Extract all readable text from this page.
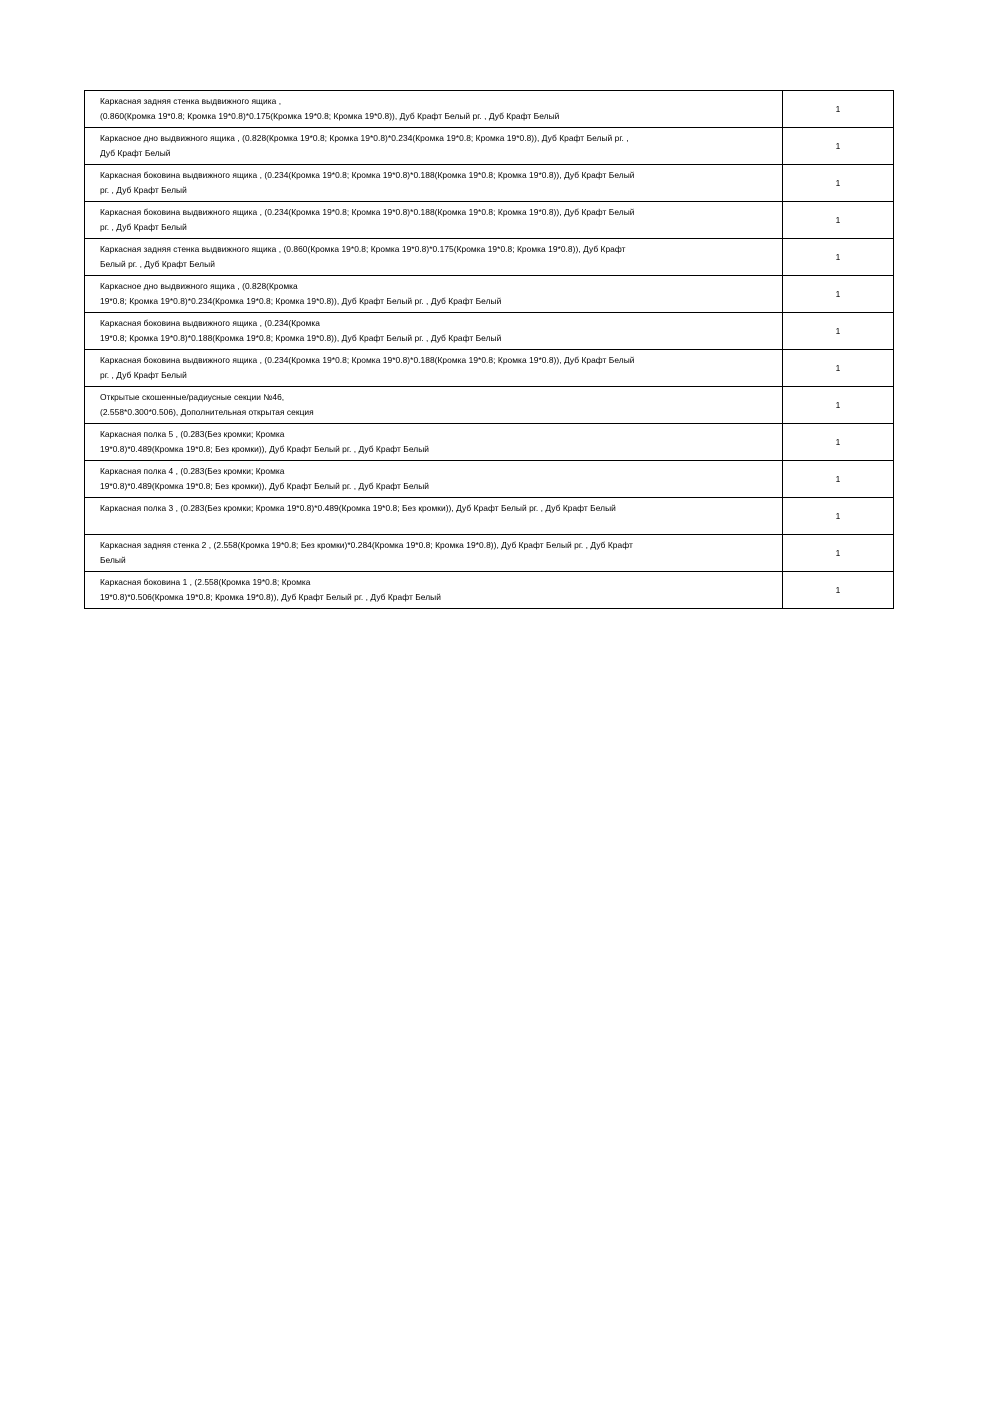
Каркасная задняя стенка выдвижного ящика ,
(0.860(Кромка 19*0.8; Кромка 19*0.8)*0.175(Кромка 19*0.8; Кромка 19*0.8)), Дуб Крафт Белый рг. , Дуб Крафт Белый	1
Каркасное дно выдвижного ящика , (0.828(Кромка 19*0.8; Кромка 19*0.8)*0.234(Кромка 19*0.8; Кромка 19*0.8)), Дуб Крафт Белый рг. ,
Дуб Крафт Белый	1
Каркасная боковина выдвижного ящика , (0.234(Кромка 19*0.8; Кромка 19*0.8)*0.188(Кромка 19*0.8; Кромка 19*0.8)), Дуб Крафт Белый
рг. , Дуб Крафт Белый	1
Каркасная боковина выдвижного ящика , (0.234(Кромка 19*0.8; Кромка 19*0.8)*0.188(Кромка 19*0.8; Кромка 19*0.8)), Дуб Крафт Белый
рг. , Дуб Крафт Белый	1
Каркасная задняя стенка выдвижного ящика , (0.860(Кромка 19*0.8; Кромка 19*0.8)*0.175(Кромка 19*0.8; Кромка 19*0.8)), Дуб Крафт
Белый рг. , Дуб Крафт Белый	1
Каркасное дно выдвижного ящика , (0.828(Кромка
19*0.8; Кромка 19*0.8)*0.234(Кромка 19*0.8; Кромка 19*0.8)), Дуб Крафт Белый рг. , Дуб Крафт Белый	1
Каркасная боковина выдвижного ящика , (0.234(Кромка
19*0.8; Кромка 19*0.8)*0.188(Кромка 19*0.8; Кромка 19*0.8)), Дуб Крафт Белый рг. , Дуб Крафт Белый	1
Каркасная боковина выдвижного ящика , (0.234(Кромка 19*0.8; Кромка 19*0.8)*0.188(Кромка 19*0.8; Кромка 19*0.8)), Дуб Крафт Белый
рг. , Дуб Крафт Белый	1
Открытые скошенные/радиусные секции №46,
(2.558*0.300*0.506), Дополнительная открытая секция	1
Каркасная полка 5 , (0.283(Без кромки; Кромка
19*0.8)*0.489(Кромка 19*0.8; Без кромки)), Дуб Крафт Белый рг. , Дуб Крафт Белый	1
Каркасная полка 4 , (0.283(Без кромки; Кромка
19*0.8)*0.489(Кромка 19*0.8; Без кромки)), Дуб Крафт Белый рг. , Дуб Крафт Белый	1
Каркасная полка 3 , (0.283(Без кромки; Кромка 19*0.8)*0.489(Кромка 19*0.8; Без кромки)), Дуб Крафт Белый рг. , Дуб Крафт Белый	1
Каркасная задняя стенка 2 , (2.558(Кромка 19*0.8; Без кромки)*0.284(Кромка 19*0.8; Кромка 19*0.8)), Дуб Крафт Белый рг. , Дуб Крафт
Белый	1
Каркасная боковина 1 , (2.558(Кромка 19*0.8; Кромка
19*0.8)*0.506(Кромка 19*0.8; Кромка 19*0.8)), Дуб Крафт Белый рг. , Дуб Крафт Белый	1
